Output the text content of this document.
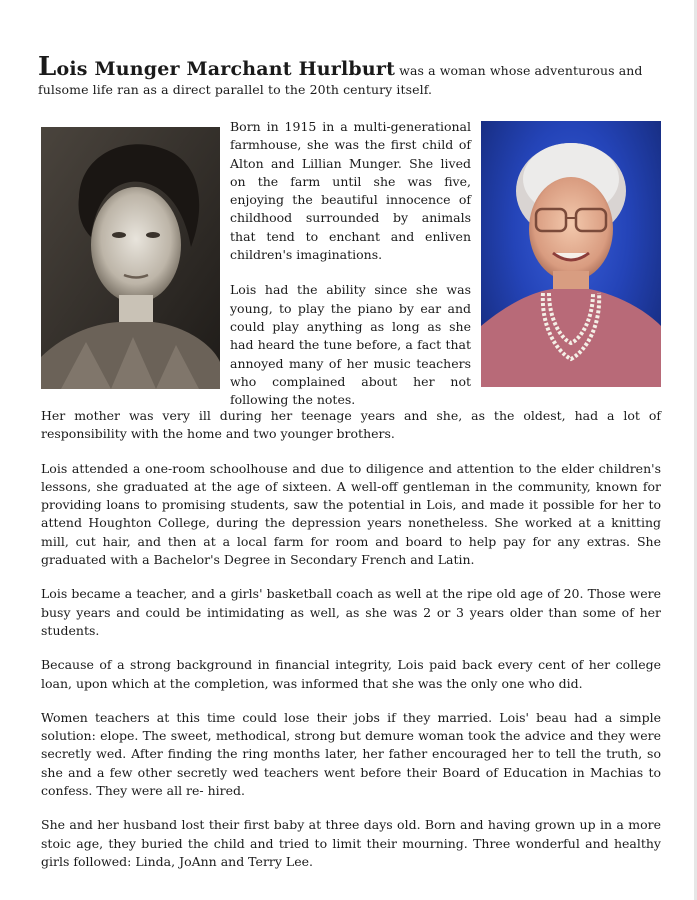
Lois Munger Marchant Hurlburt was a woman whose adventurous and fulsome life ran as a direct parallel to the 20th century itself.

Born in 1915 in a multi-generational farmhouse, she was the first child of Alton and Lillian Munger. She lived on the farm until she was five, enjoying the beautiful innocence of childhood surrounded by animals that tend to enchant and enliven children's imaginations.

Lois had the ability since she was young, to play the piano by ear and could play anything as long as she had heard the tune before, a fact that annoyed many of her music teachers who complained about her not following the notes.

Her mother was very ill during her teenage years and she, as the oldest, had a lot of responsibility with the home and two younger brothers.

Lois attended a one-room schoolhouse and due to diligence and attention to the elder children's lessons, she graduated at the age of sixteen. A well-off gentleman in the community, known for providing loans to promising students, saw the potential in Lois, and made it possible for her to attend Houghton College, during the depression years nonetheless. She worked at a knitting mill, cut hair, and then at a local farm for room and board to help pay for any extras. She graduated with a Bachelor's Degree in Secondary French and Latin.

Lois became a teacher, and a girls' basketball coach as well at the ripe old age of 20. Those were busy years and could be intimidating as well, as she was 2 or 3 years older than some of her students.

Because of a strong background in financial integrity, Lois paid back every cent of her college loan, upon which at the completion, was informed that she was the only one who did.

Women teachers at this time could lose their jobs if they married. Lois' beau had a simple solution: elope. The sweet, methodical, strong but demure woman took the advice and they were secretly wed. After finding the ring months later, her father encouraged her to tell the truth, so she and a few other secretly wed teachers went before their Board of Education in Machias to confess. They were all re- hired.

She and her husband lost their first baby at three days old. Born and having grown up in a more stoic age, they buried the child and tried to limit their mourning. Three wonderful and healthy girls followed: Linda, JoAnn and Terry Lee.
